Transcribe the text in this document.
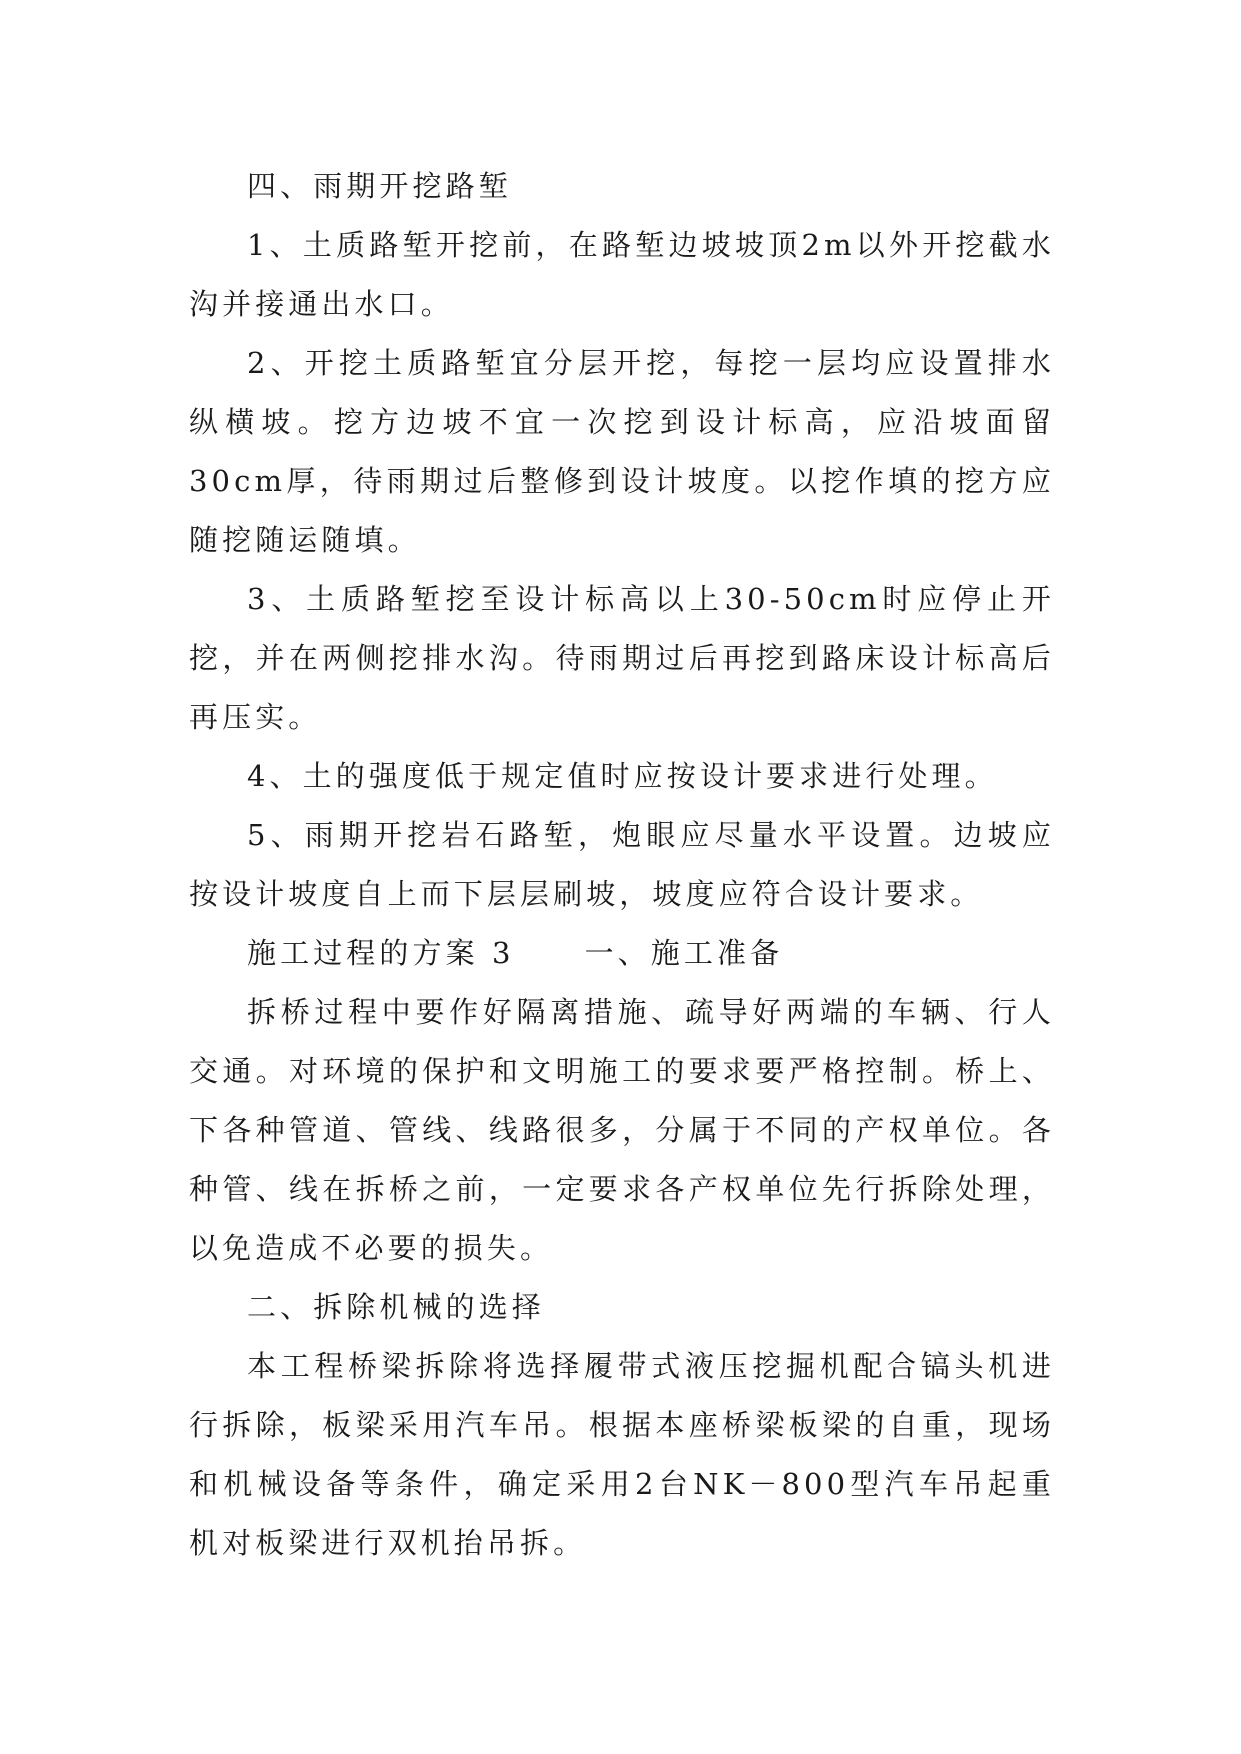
四、雨期开挖路堑

1、土质路堑开挖前，在路堑边坡坡顶2m以外开挖截水沟并接通出水口。

2、开挖土质路堑宜分层开挖，每挖一层均应设置排水纵横坡。挖方边坡不宜一次挖到设计标高，应沿坡面留30cm厚，待雨期过后整修到设计坡度。以挖作填的挖方应随挖随运随填。

3、土质路堑挖至设计标高以上30-50cm时应停止开挖，并在两侧挖排水沟。待雨期过后再挖到路床设计标高后再压实。

4、土的强度低于规定值时应按设计要求进行处理。

5、雨期开挖岩石路堑，炮眼应尽量水平设置。边坡应按设计坡度自上而下层层刷坡，坡度应符合设计要求。

施工过程的方案 3 一、施工准备

拆桥过程中要作好隔离措施、疏导好两端的车辆、行人交通。对环境的保护和文明施工的要求要严格控制。桥上、下各种管道、管线、线路很多，分属于不同的产权单位。各种管、线在拆桥之前，一定要求各产权单位先行拆除处理，以免造成不必要的损失。

二、拆除机械的选择

本工程桥梁拆除将选择履带式液压挖掘机配合镐头机进行拆除，板梁采用汽车吊。根据本座桥梁板梁的自重，现场和机械设备等条件，确定采用2台NK－800型汽车吊起重机对板梁进行双机抬吊拆。
